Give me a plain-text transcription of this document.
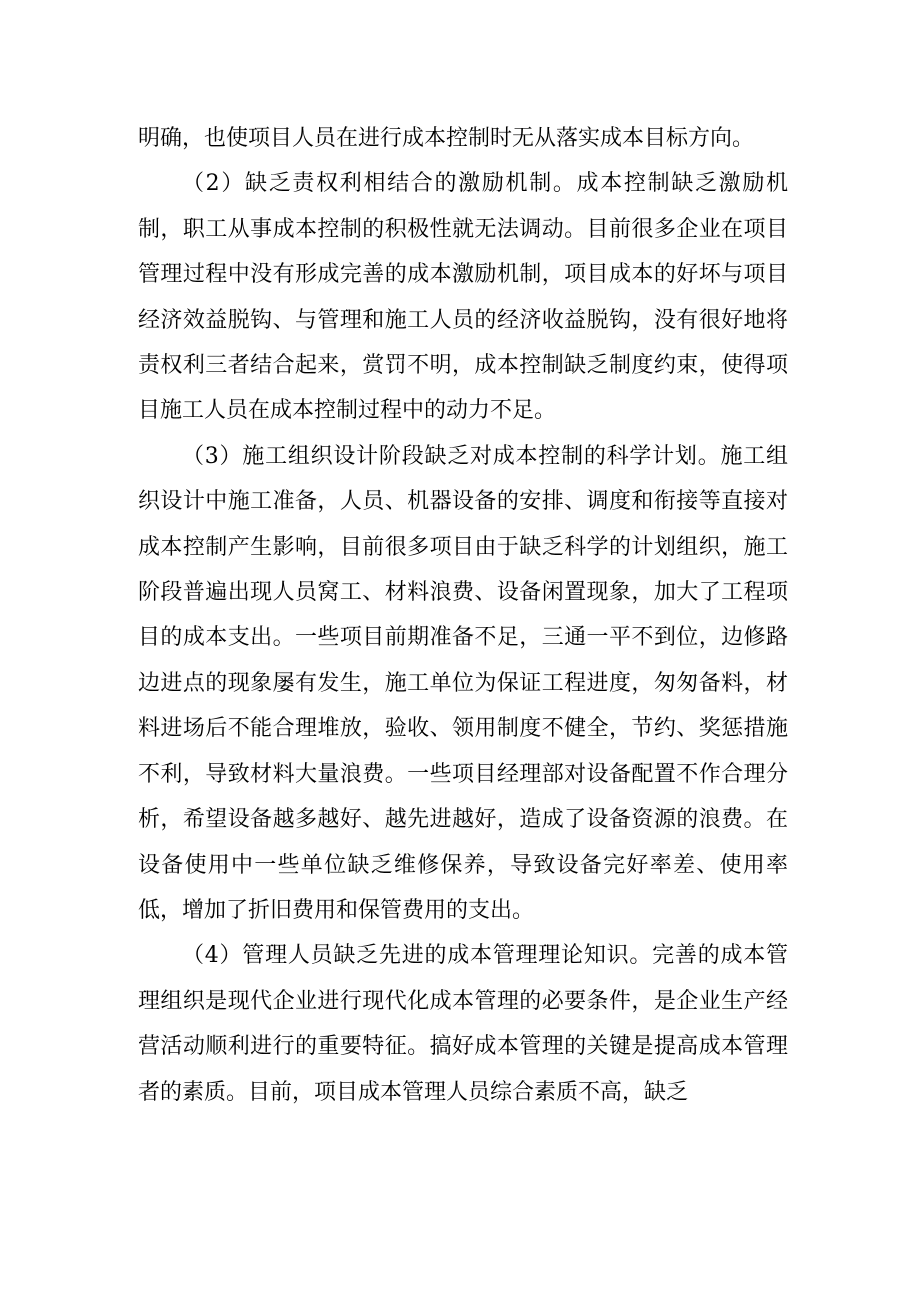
明确，也使项目人员在进行成本控制时无从落实成本目标方向。

（2）缺乏责权利相结合的激励机制。成本控制缺乏激励机制，职工从事成本控制的积极性就无法调动。目前很多企业在项目管理过程中没有形成完善的成本激励机制，项目成本的好坏与项目经济效益脱钩、与管理和施工人员的经济收益脱钩，没有很好地将责权利三者结合起来，赏罚不明，成本控制缺乏制度约束，使得项目施工人员在成本控制过程中的动力不足。

（3）施工组织设计阶段缺乏对成本控制的科学计划。施工组织设计中施工准备，人员、机器设备的安排、调度和衔接等直接对成本控制产生影响，目前很多项目由于缺乏科学的计划组织，施工阶段普遍出现人员窝工、材料浪费、设备闲置现象，加大了工程项目的成本支出。一些项目前期准备不足，三通一平不到位，边修路边进点的现象屡有发生，施工单位为保证工程进度，匆匆备料，材料进场后不能合理堆放，验收、领用制度不健全，节约、奖惩措施不利，导致材料大量浪费。一些项目经理部对设备配置不作合理分析，希望设备越多越好、越先进越好，造成了设备资源的浪费。在设备使用中一些单位缺乏维修保养，导致设备完好率差、使用率低，增加了折旧费用和保管费用的支出。

（4）管理人员缺乏先进的成本管理理论知识。完善的成本管理组织是现代企业进行现代化成本管理的必要条件，是企业生产经营活动顺利进行的重要特征。搞好成本管理的关键是提高成本管理者的素质。目前，项目成本管理人员综合素质不高，缺乏
